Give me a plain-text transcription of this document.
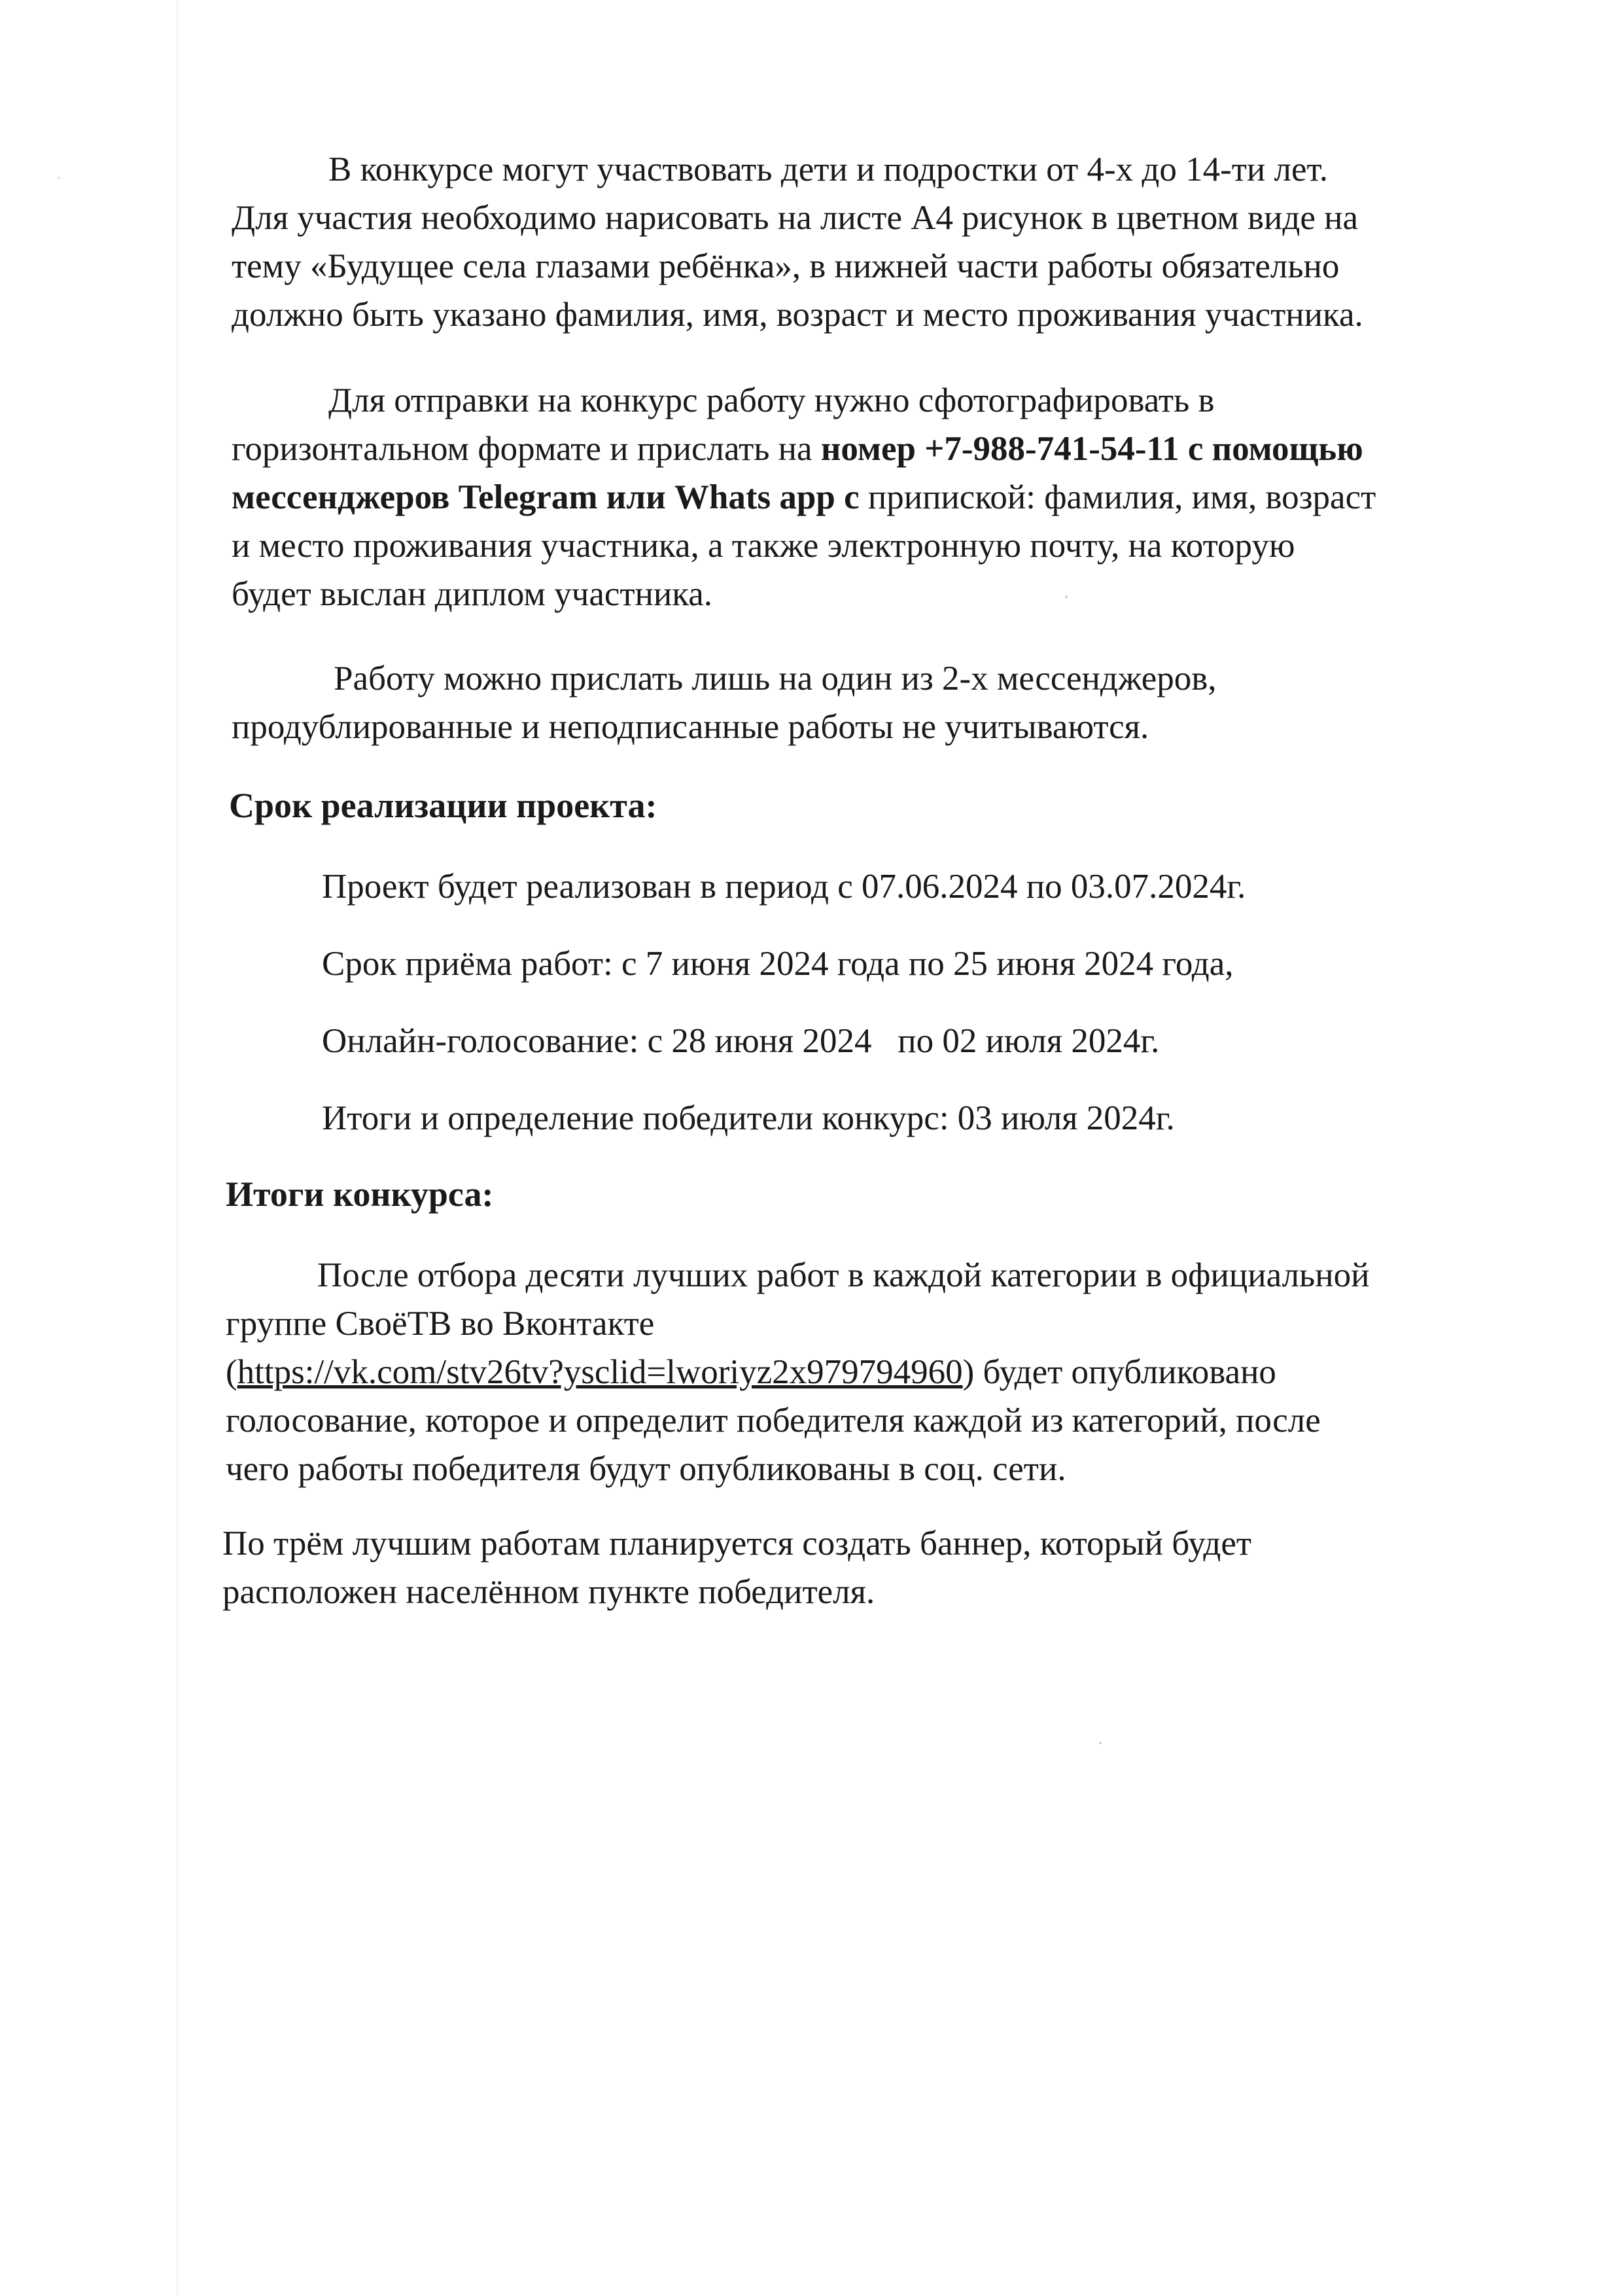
В конкурсе могут участвовать дети и подростки от 4-х до 14-ти лет.
Для участия необходимо нарисовать на листе А4 рисунок в цветном виде на
тему «Будущее села глазами ребёнка», в нижней части работы обязательно
должно быть указано фамилия, имя, возраст и место проживания участника.
Для отправки на конкурс работу нужно сфотографировать в
горизонтальном формате и прислать на номер +7-988-741-54-11 с помощью
мессенджеров Telegram или Whats app с припиской: фамилия, имя, возраст
и место проживания участника, а также электронную почту, на которую
будет выслан диплом участника.
Работу можно прислать лишь на один из 2-х мессенджеров,
продублированные и неподписанные работы не учитываются.
Срок реализации проекта:
Проект будет реализован в период с 07.06.2024 по 03.07.2024г.
Срок приёма работ: с 7 июня 2024 года по 25 июня 2024 года,
Онлайн-голосование: с 28 июня 2024   по 02 июля 2024г.
Итоги и определение победители конкурс: 03 июля 2024г.
Итоги конкурса:
После отбора десяти лучших работ в каждой категории в официальной
группе СвоёТВ во Вконтакте
(https://vk.com/stv26tv?ysclid=lworiyz2x979794960) будет опубликовано
голосование, которое и определит победителя каждой из категорий, после
чего работы победителя будут опубликованы в соц. сети.
По трём лучшим работам планируется создать баннер, который будет
расположен населённом пункте победителя.
